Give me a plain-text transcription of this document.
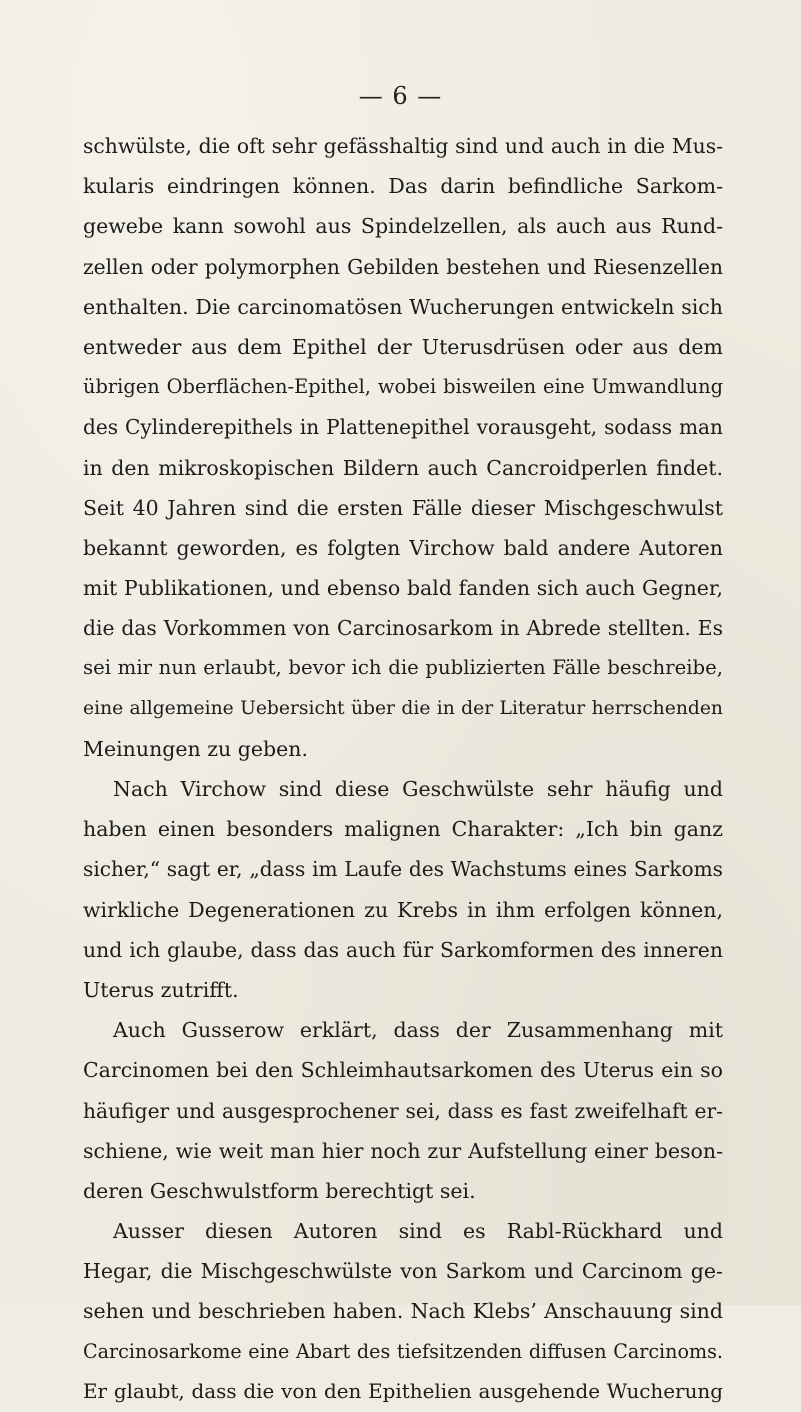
— 6 —
schwülste, die oft sehr gefässhaltig sind und auch in die Mus-
kularis eindringen können. Das darin befindliche Sarkom-
gewebe kann sowohl aus Spindelzellen, als auch aus Rund-
zellen oder polymorphen Gebilden bestehen und Riesenzellen
enthalten. Die carcinomatösen Wucherungen entwickeln sich
entweder aus dem Epithel der Uterusdrüsen oder aus dem
übrigen Oberflächen-Epithel, wobei bisweilen eine Umwandlung
des Cylinderepithels in Plattenepithel vorausgeht, sodass man
in den mikroskopischen Bildern auch Cancroidperlen findet.
Seit 40 Jahren sind die ersten Fälle dieser Mischgeschwulst
bekannt geworden, es folgten Virchow bald andere Autoren
mit Publikationen, und ebenso bald fanden sich auch Gegner,
die das Vorkommen von Carcinosarkom in Abrede stellten. Es
sei mir nun erlaubt, bevor ich die publizierten Fälle beschreibe,
eine allgemeine Uebersicht über die in der Literatur herrschenden
Meinungen zu geben.
Nach Virchow sind diese Geschwülste sehr häufig und
haben einen besonders malignen Charakter: „Ich bin ganz
sicher,“ sagt er, „dass im Laufe des Wachstums eines Sarkoms
wirkliche Degenerationen zu Krebs in ihm erfolgen können,
und ich glaube, dass das auch für Sarkomformen des inneren
Uterus zutrifft.
Auch Gusserow erklärt, dass der Zusammenhang mit
Carcinomen bei den Schleimhautsarkomen des Uterus ein so
häufiger und ausgesprochener sei, dass es fast zweifelhaft er-
schiene, wie weit man hier noch zur Aufstellung einer beson-
deren Geschwulstform berechtigt sei.
Ausser diesen Autoren sind es Rabl-Rückhard und
Hegar, die Mischgeschwülste von Sarkom und Carcinom ge-
sehen und beschrieben haben. Nach Klebs’ Anschauung sind
Carcinosarkome eine Abart des tiefsitzenden diffusen Carcinoms.
Er glaubt, dass die von den Epithelien ausgehende Wucherung
